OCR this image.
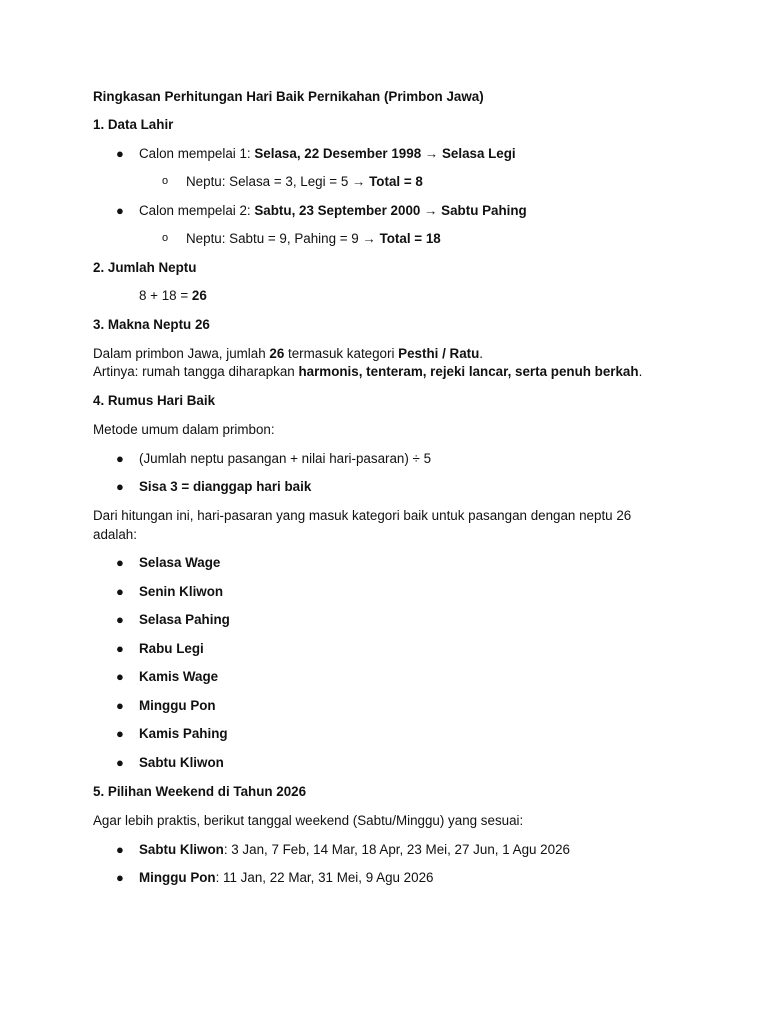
Ringkasan Perhitungan Hari Baik Pernikahan (Primbon Jawa)
1. Data Lahir
● Calon mempelai 1: Selasa, 22 Desember 1998 → Selasa Legi
o Neptu: Selasa = 3, Legi = 5 → Total = 8
● Calon mempelai 2: Sabtu, 23 September 2000 → Sabtu Pahing
o Neptu: Sabtu = 9, Pahing = 9 → Total = 18
2. Jumlah Neptu
8 + 18 = 26
3. Makna Neptu 26
Dalam primbon Jawa, jumlah 26 termasuk kategori Pesthi / Ratu.
Artinya: rumah tangga diharapkan harmonis, tenteram, rejeki lancar, serta penuh berkah.
4. Rumus Hari Baik
Metode umum dalam primbon:
● (Jumlah neptu pasangan + nilai hari-pasaran) ÷ 5
● Sisa 3 = dianggap hari baik
Dari hitungan ini, hari-pasaran yang masuk kategori baik untuk pasangan dengan neptu 26
adalah:
● Selasa Wage
● Senin Kliwon
● Selasa Pahing
● Rabu Legi
● Kamis Wage
● Minggu Pon
● Kamis Pahing
● Sabtu Kliwon
5. Pilihan Weekend di Tahun 2026
Agar lebih praktis, berikut tanggal weekend (Sabtu/Minggu) yang sesuai:
● Sabtu Kliwon: 3 Jan, 7 Feb, 14 Mar, 18 Apr, 23 Mei, 27 Jun, 1 Agu 2026
● Minggu Pon: 11 Jan, 22 Mar, 31 Mei, 9 Agu 2026
